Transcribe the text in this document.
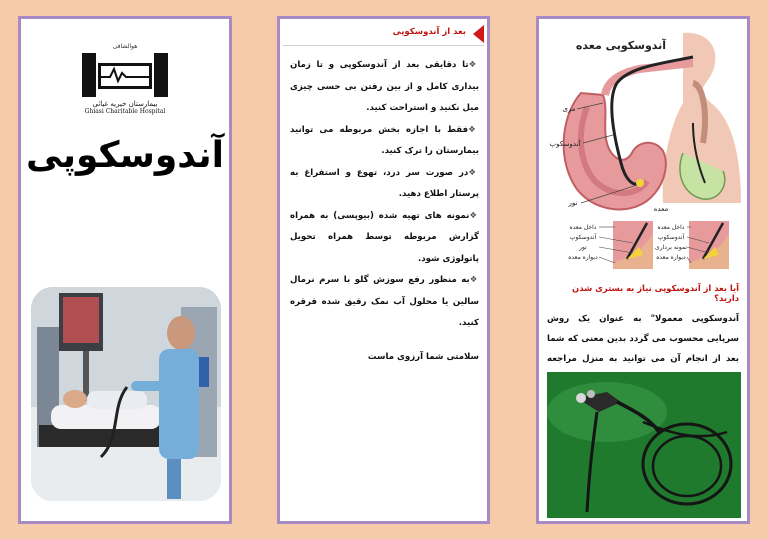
هوالشافی
بیمارستان خیریه غیاثی
Ghiasi Charitable Hospital
آندوسکوپی
بعد از آندوسکوپی

❖تا دقایقی بعد از آندوسکوپی و تا زمان بیداری کامل و از بین رفتن بی حسی چیزی میل نکنید و استراحت کنید.

❖فقط با اجازه بخش مربوطه می توانید بیمارستان را ترک کنید.

❖در صورت سر درد، تهوع و استفراغ به پرستار اطلاع دهید.

❖نمونه های تهیه شده (بیوپسی) به همراه گزارش مربوطه توسط همراه تحویل پاتولوژی شود.

❖به منظور رفع سوزش گلو با سرم نرمال سالین یا محلول آب نمک رقیق شده قرقره کنید.

سلامتی شما آرزوی ماست

آندوسکوپی معده
مری
آندوسکوپ
نور
معده
داخل معده
آندوسکوپ
نور
دیواره معده
داخل معده
آندوسکوپ
نمونه برداری
دیواره معده
آیا بعد از آندوسکوپی نیاز به بستری شدن دارید؟
آندوسکوپی معمولا" به عنوان یک روش سرپایی محسوب می گردد بدین معنی که شما بعد از انجام آن می توانید به منزل مراجعه
